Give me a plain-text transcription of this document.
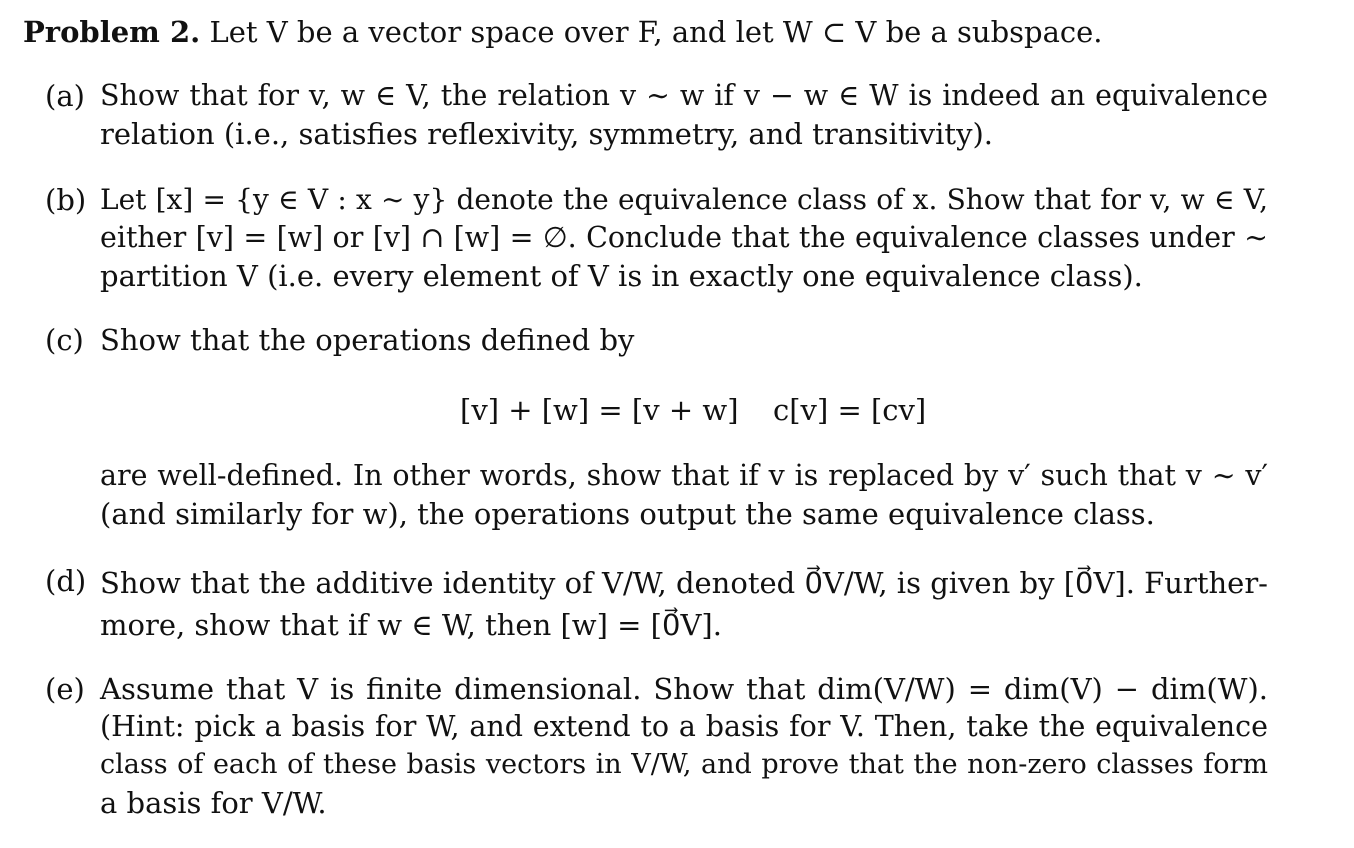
Problem 2. Let V be a vector space over F, and let W ⊂ V be a subspace.
(a) Show that for v, w ∈ V, the relation v ∼ w if v − w ∈ W is indeed an equivalence
relation (i.e., satisfies reflexivity, symmetry, and transitivity).
(b) Let [x] = {y ∈ V : x ∼ y} denote the equivalence class of x. Show that for v, w ∈ V,
either [v] = [w] or [v] ∩ [w] = ∅. Conclude that the equivalence classes under ∼
partition V (i.e. every element of V is in exactly one equivalence class).
(c) Show that the operations defined by
[v] + [w] = [v + w] c[v] = [cv]
are well-defined. In other words, show that if v is replaced by v′ such that v ∼ v′
(and similarly for w), the operations output the same equivalence class.
(d) Show that the additive identity of V/W, denoted 0⃗V/W, is given by [0⃗V]. Further-
more, show that if w ∈ W, then [w] = [0⃗V].
(e) Assume that V is finite dimensional. Show that dim(V/W) = dim(V) − dim(W).
(Hint: pick a basis for W, and extend to a basis for V. Then, take the equivalence
class of each of these basis vectors in V/W, and prove that the non-zero classes form
a basis for V/W.
